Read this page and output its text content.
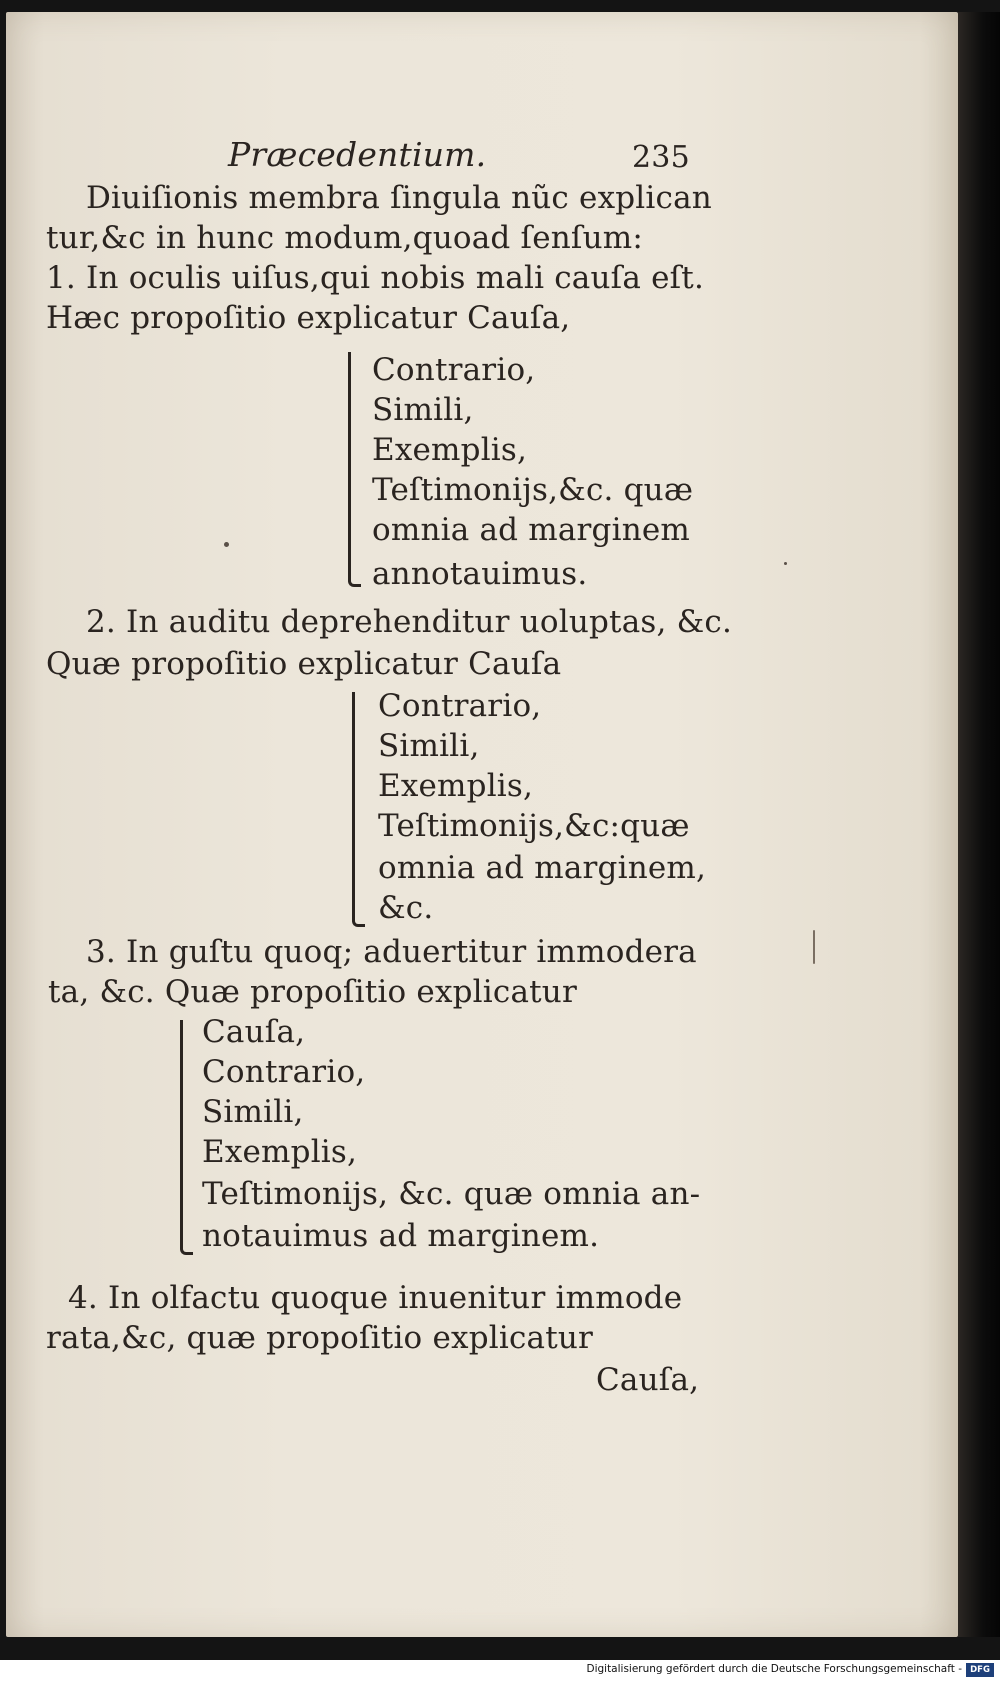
Præcedentium.	235
Diuiſionis membra ſingula nũc explican
tur,&c in hunc modum,quoad ſenſum:
1. In oculis uiſus,qui nobis mali cauſa eſt.
Hæc propoſitio explicatur Cauſa,
Contrario,
Simili,
Exemplis,
Teſtimonijs,&c. quæ
omnia ad marginem
annotauimus.
2. In auditu deprehenditur uoluptas, &c.
Quæ propoſitio explicatur Cauſa
Contrario,
Simili,
Exemplis,
Teſtimonijs,&c:quæ
omnia ad marginem,
&c.
3. In guſtu quoq; aduertitur immodera
ta, &c. Quæ propoſitio explicatur
Cauſa,
Contrario,
Simili,
Exemplis,
Teſtimonijs, &c. quæ omnia an-
notauimus ad marginem.
4. In olfactu quoque inuenitur immode
rata,&c, quæ propoſitio explicatur
Cauſa,
Digitalisierung gefördert durch die Deutsche Forschungsgemeinschaft - DFG
